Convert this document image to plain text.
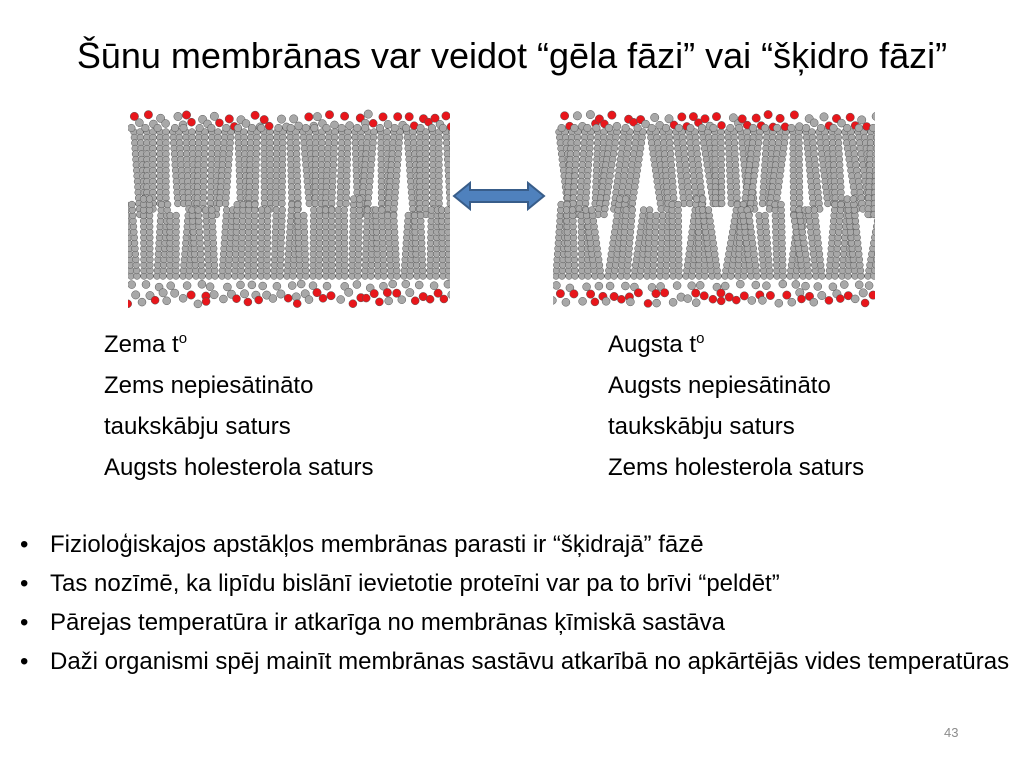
Šūnu membrānas var veidot “gēla fāzi” vai “šķidro fāzi”
Zema $t^o$
Zems nepiesātināto
taukskābju saturs
Augsts holesterola saturs
Augsta $t^o$
Augsts nepiesātināto
taukskābju saturs
Zems holesterola saturs
• Fizioloģiskajos apstākļos membrānas parasti ir “šķidrajā” fāzē
• Tas nozīmē, ka lipīdu bislānī ievietotie proteīni var pa to brīvi “peldēt”
• Pārejas temperatūra ir atkarīga no membrānas ķīmiskā sastāva
• Daži organismi spēj mainīt membrānas sastāvu atkarībā no apkārtējās vides temperatūras
43
